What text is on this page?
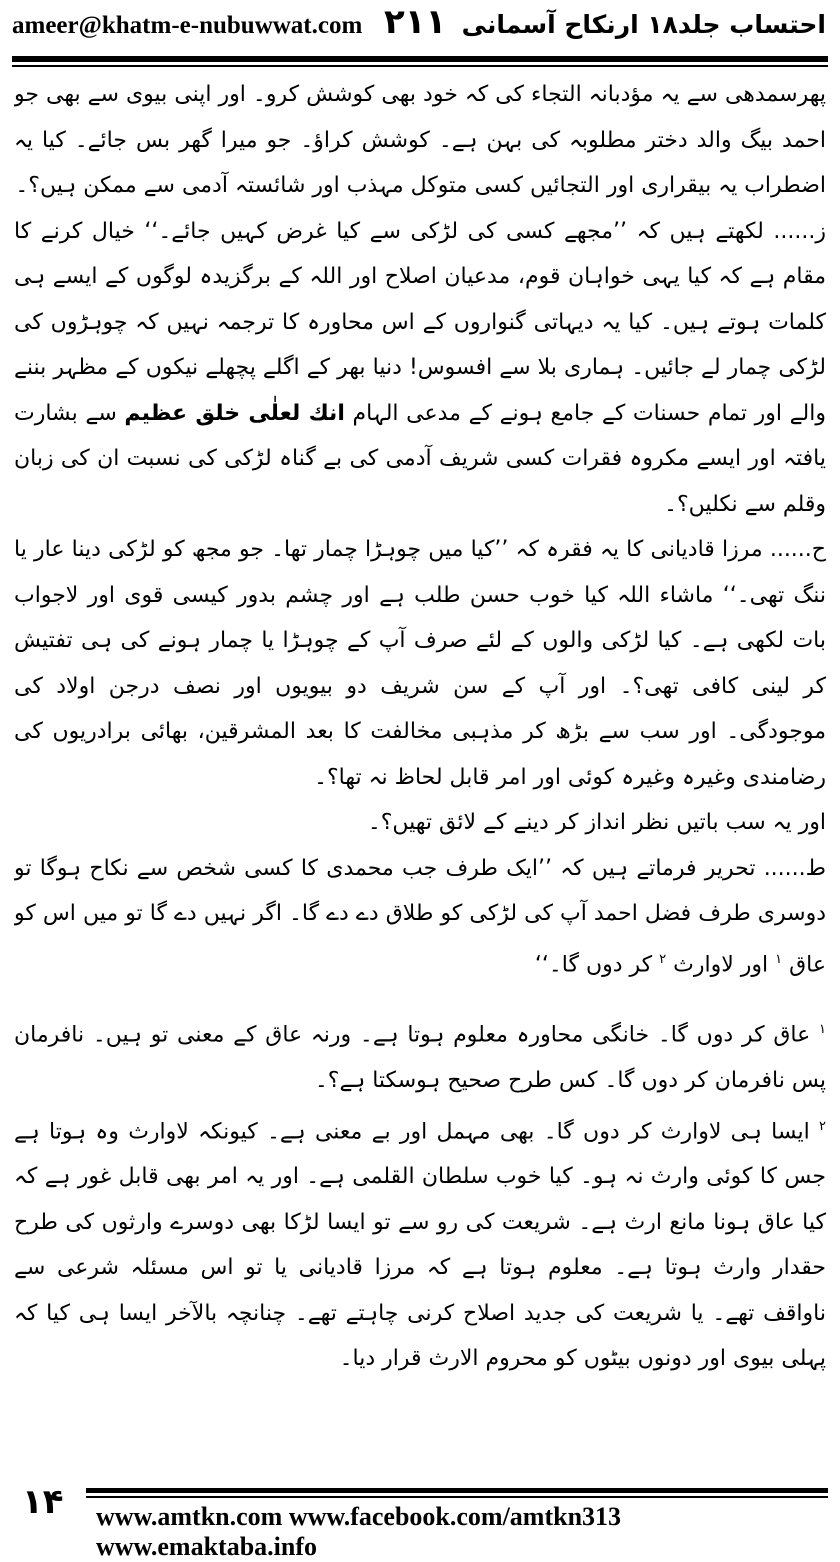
ameer@khatm-e-nubuwwat.com ۲۱۱ احتساب جلد۱۸ ارنکاح آسمانی

پھرسمدھی سے یہ مؤدبانہ التجاء کی کہ خود بھی کوشش کرو۔ اور اپنی بیوی سے بھی جو احمد بیگ والد دختر مطلوبہ کی بہن ہے۔ کوشش کراؤ۔ جو میرا گھر بس جائے۔ کیا یہ اضطراب یہ بیقراری اور التجائیں کسی متوکل مہذب اور شائستہ آدمی سے ممکن ہیں؟۔

ز...... لکھتے ہیں کہ ’’مجھے کسی کی لڑکی سے کیا غرض کہیں جائے۔‘‘ خیال کرنے کا مقام ہے کہ کیا یہی خواہان قوم، مدعیان اصلاح اور اللہ کے برگزیدہ لوگوں کے ایسے ہی کلمات ہوتے ہیں۔ کیا یہ دیہاتی گنواروں کے اس محاورہ کا ترجمہ نہیں کہ چوہڑوں کی لڑکی چمار لے جائیں۔ ہماری بلا سے افسوس! دنیا بھر کے اگلے پچھلے نیکوں کے مظہر بننے والے اور تمام حسنات کے جامع ہونے کے مدعی الہام انك لعلٰى خلق عظيم سے بشارت یافتہ اور ایسے مکروہ فقرات کسی شریف آدمی کی بے گناہ لڑکی کی نسبت ان کی زبان وقلم سے نکلیں؟۔

ح...... مرزا قادیانی کا یہ فقرہ کہ ’’کیا میں چوہڑا چمار تھا۔ جو مجھ کو لڑکی دینا عار یا ننگ تھی۔‘‘ ماشاء اللہ کیا خوب حسن طلب ہے اور چشم بدور کیسی قوی اور لاجواب بات لکھی ہے۔ کیا لڑکی والوں کے لئے صرف آپ کے چوہڑا یا چمار ہونے کی ہی تفتیش کر لینی کافی تھی؟۔ اور آپ کے سن شریف دو بیویوں اور نصف درجن اولاد کی موجودگی۔ اور سب سے بڑھ کر مذہبی مخالفت کا بعد المشرقین، بھائی برادریوں کی رضامندی وغیرہ وغیرہ کوئی اور امر قابل لحاظ نہ تھا؟۔

اور یہ سب باتیں نظر انداز کر دینے کے لائق تھیں؟۔

ط...... تحریر فرماتے ہیں کہ ’’ایک طرف جب محمدی کا کسی شخص سے نکاح ہوگا تو دوسری طرف فضل احمد آپ کی لڑکی کو طلاق دے دے گا۔ اگر نہیں دے گا تو میں اس کو عاق $_۱$ اور لاوارث $_۲$ کر دوں گا۔‘‘

$_۱$ عاق کر دوں گا۔ خانگی محاورہ معلوم ہوتا ہے۔ ورنہ عاق کے معنی تو ہیں۔ نافرمان پس نافرمان کر دوں گا۔ کس طرح صحیح ہوسکتا ہے؟۔

$_۲$ ایسا ہی لاوارث کر دوں گا۔ بھی مہمل اور بے معنی ہے۔ کیونکہ لاوارث وہ ہوتا ہے جس کا کوئی وارث نہ ہو۔ کیا خوب سلطان القلمی ہے۔ اور یہ امر بھی قابل غور ہے کہ کیا عاق ہونا مانع ارث ہے۔ شریعت کی رو سے تو ایسا لڑکا بھی دوسرے وارثوں کی طرح حقدار وارث ہوتا ہے۔ معلوم ہوتا ہے کہ مرزا قادیانی یا تو اس مسئلہ شرعی سے ناواقف تھے۔ یا شریعت کی جدید اصلاح کرنی چاہتے تھے۔ چنانچہ بالآخر ایسا ہی کیا کہ پہلی بیوی اور دونوں بیٹوں کو محروم الارث قرار دیا۔

۱۴ www.amtkn.com www.facebook.com/amtkn313 www.emaktaba.info
